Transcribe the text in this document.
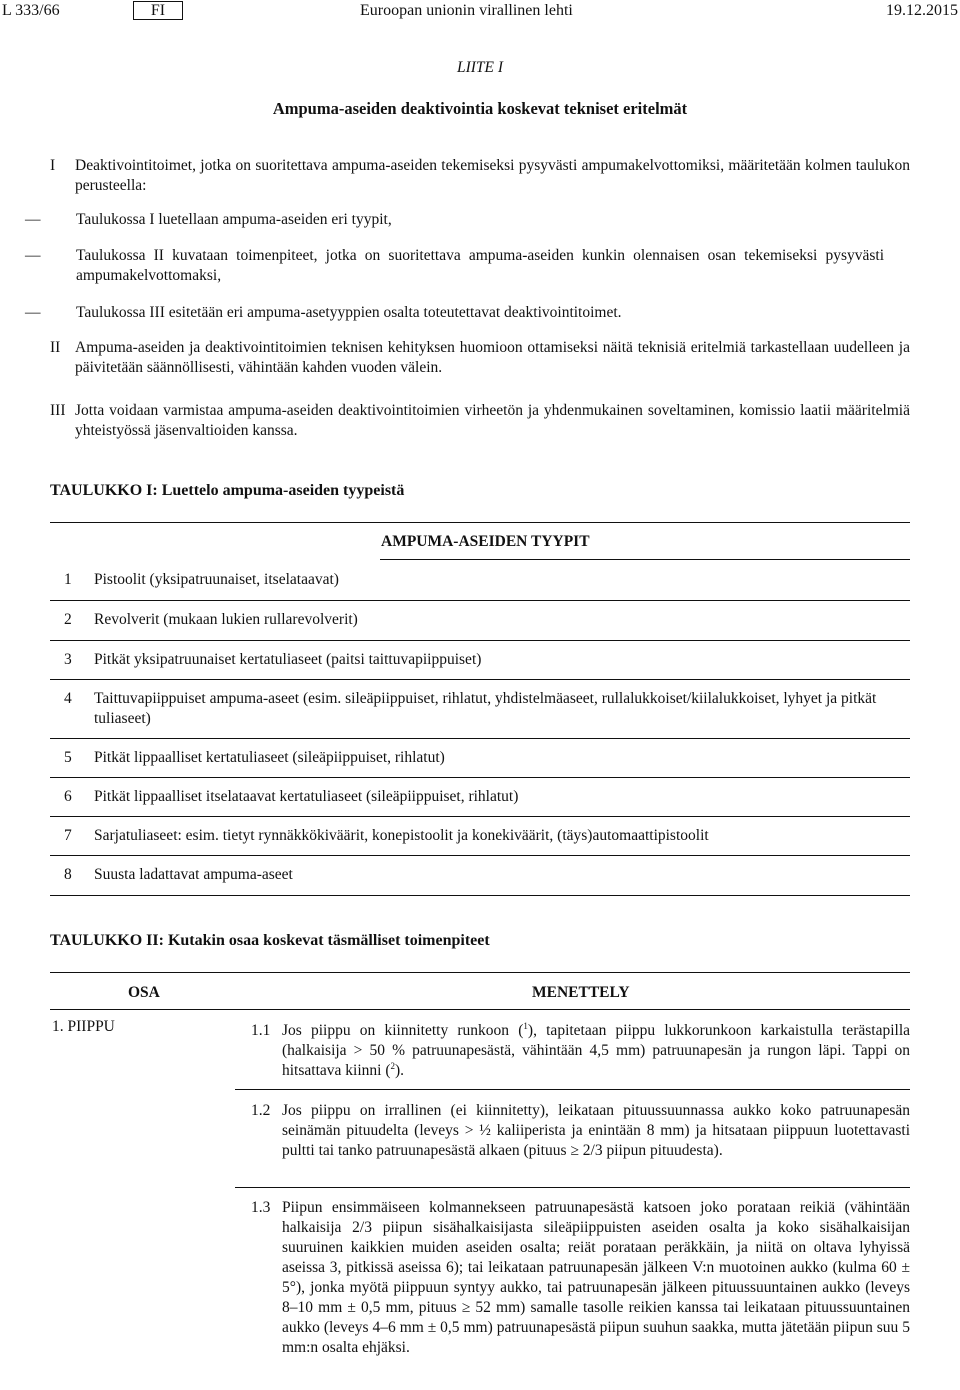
L 333/66	FI	Euroopan unionin virallinen lehti	19.12.2015
LIITE I
Ampuma-aseiden deaktivointia koskevat tekniset eritelmät
I Deaktivointitoimet, jotka on suoritettava ampuma-aseiden tekemiseksi pysyvästi ampumakelvottomiksi, määritetään kolmen taulukon perusteella:
— Taulukossa I luetellaan ampuma-aseiden eri tyypit,
— Taulukossa II kuvataan toimenpiteet, jotka on suoritettava ampuma-aseiden kunkin olennaisen osan tekemiseksi pysyvästi ampumakelvottomaksi,
— Taulukossa III esitetään eri ampuma-asetyyppien osalta toteutettavat deaktivointitoimet.
II Ampuma-aseiden ja deaktivointitoimien teknisen kehityksen huomioon ottamiseksi näitä teknisiä eritelmiä tarkastellaan uudelleen ja päivitetään säännöllisesti, vähintään kahden vuoden välein.
III Jotta voidaan varmistaa ampuma-aseiden deaktivointitoimien virheetön ja yhdenmukainen soveltaminen, komissio laatii määritelmiä yhteistyössä jäsenvaltioiden kanssa.
TAULUKKO I: Luettelo ampuma-aseiden tyypeistä
AMPUMA-ASEIDEN TYYPIT
1 Pistoolit (yksipatruunaiset, itselataavat)
2 Revolverit (mukaan lukien rullarevolverit)
3 Pitkät yksipatruunaiset kertatuliaseet (paitsi taittuvapiippuiset)
4 Taittuvapiippuiset ampuma-aseet (esim. sileäpiippuiset, rihlatut, yhdistelmäaseet, rullalukkoiset/kiilalukkoiset, lyhyet ja pitkät tuliaseet)
5 Pitkät lippaalliset kertatuliaseet (sileäpiippuiset, rihlatut)
6 Pitkät lippaalliset itselataavat kertatuliaseet (sileäpiippuiset, rihlatut)
7 Sarjatuliaseet: esim. tietyt rynnäkkökiväärit, konepistoolit ja konekiväärit, (täys)automaattipistoolit
8 Suusta ladattavat ampuma-aseet
TAULUKKO II: Kutakin osaa koskevat täsmälliset toimenpiteet
OSA	MENETTELY
1. PIIPPU	1.1 Jos piippu on kiinnitetty runkoon ($^1$), tapitetaan piippu lukkorunkoon karkaistulla terästapilla (halkaisija > 50 % patruunapesästä, vähintään 4,5 mm) patruunapesän ja rungon läpi. Tappi on hitsattava kiinni ($^2$).
1.2 Jos piippu on irrallinen (ei kiinnitetty), leikataan pituussuunnassa aukko koko patruunapesän seinämän pituudelta (leveys > ½ kaliiperista ja enintään 8 mm) ja hitsataan piippuun luotettavasti pultti tai tanko patruunapesästä alkaen (pituus ≥ 2/3 piipun pituudesta).
1.3 Piipun ensimmäiseen kolmannekseen patruunapesästä katsoen joko porataan reikiä (vähintään halkaisija 2/3 piipun sisähalkaisijasta sileäpiippuisten aseiden osalta ja koko sisähalkaisijan suuruinen kaikkien muiden aseiden osalta; reiät porataan peräkkäin, ja niitä on oltava lyhyissä aseissa 3, pitkissä aseissa 6); tai leikataan patruunapesän jälkeen V:n muotoinen aukko (kulma 60 ± 5°), jonka myötä piippuun syntyy aukko, tai patruunapesän jälkeen pituussuuntainen aukko (leveys 8–10 mm ± 0,5 mm, pituus ≥ 52 mm) samalle tasolle reikien kanssa tai leikataan pituussuuntainen aukko (leveys 4–6 mm ± 0,5 mm) patruunapesästä piipun suuhun saakka, mutta jätetään piipun suu 5 mm:n osalta ehjäksi.
